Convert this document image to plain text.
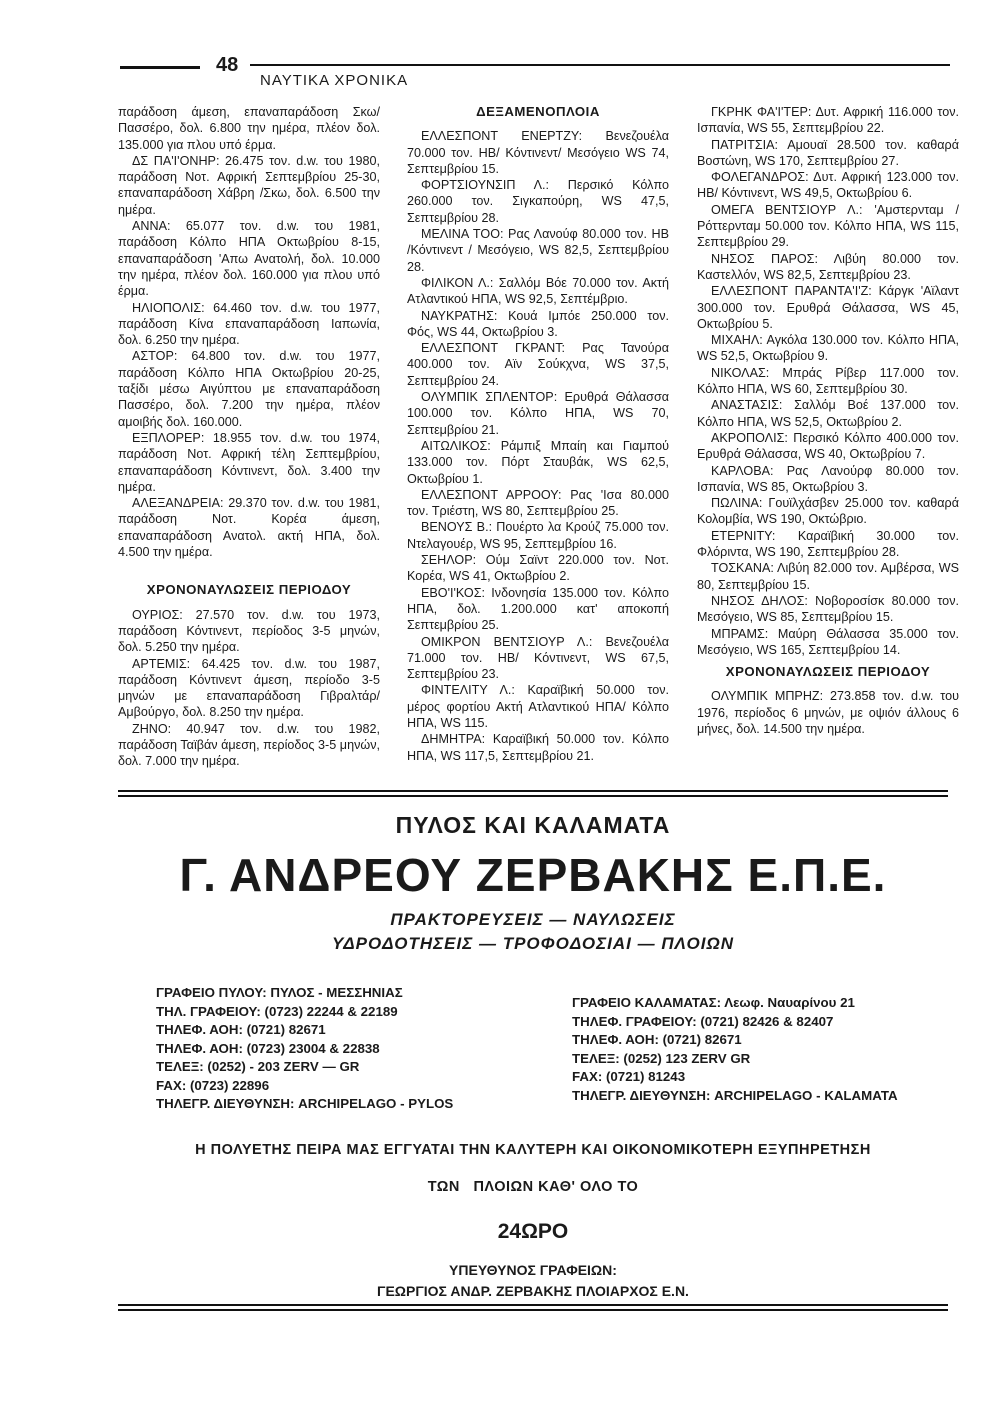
48
ΝΑΥΤΙΚΑ ΧΡΟΝΙΚΑ

παράδοση άμεση, επαναπαράδοση Σκω/ Πασσέρο, δολ. 6.800 την ημέρα, πλέον δολ. 135.000 για πλου υπό έρμα.

ΔΣ ΠΑ'Ι'ΟΝΗΡ: 26.475 τον. d.w. του 1980, παράδοση Νοτ. Αφρική Σεπτεμβρίου 25-30, επαναπαράδοση Χάβρη /Σκω, δολ. 6.500 την ημέρα.

ΑΝΝΑ: 65.077 τον. d.w. του 1981, παράδοση Κόλπο ΗΠΑ Οκτωβρίου 8-15, επαναπαράδοση 'Απω Ανατολή, δολ. 10.000 την ημέρα, πλέον δολ. 160.000 για πλου υπό έρμα.

ΗΛΙΟΠΟΛΙΣ: 64.460 τον. d.w. του 1977, παράδοση Κίνα επαναπαράδοση Ιαπωνία, δολ. 6.250 την ημέρα.

ΑΣΤΟΡ: 64.800 τον. d.w. του 1977, παράδοση Κόλπο ΗΠΑ Οκτωβρίου 20-25, ταξίδι μέσω Αιγύπτου με επαναπαράδοση Πασσέρο, δολ. 7.200 την ημέρα, πλέον αμοιβής δολ. 160.000.

ΕΞΠΛΟΡΕΡ: 18.955 τον. d.w. του 1974, παράδοση Νοτ. Αφρική τέλη Σεπτεμβρίου, επαναπαράδοση Κόντινεντ, δολ. 3.400 την ημέρα.

ΑΛΕΞΑΝΔΡΕΙΑ: 29.370 τον. d.w. του 1981, παράδοση Νοτ. Κορέα άμεση, επαναπαράδοση Ανατολ. ακτή ΗΠΑ, δολ. 4.500 την ημέρα.

ΧΡΟΝΟΝΑΥΛΩΣΕΙΣ ΠΕΡΙΟΔΟΥ

ΟΥΡΙΟΣ: 27.570 τον. d.w. του 1973, παράδοση Κόντινεντ, περίοδος 3-5 μηνών, δολ. 5.250 την ημέρα.

ΑΡΤΕΜΙΣ: 64.425 τον. d.w. του 1987, παράδοση Κόντινεντ άμεση, περίοδο 3-5 μηνών με επαναπαράδοση Γιβραλτάρ/ Αμβούργο, δολ. 8.250 την ημέρα.

ΖΗΝΟ: 40.947 τον. d.w. του 1982, παράδοση Ταϊβάν άμεση, περίοδος 3-5 μηνών, δολ. 7.000 την ημέρα.

ΔΕΞΑΜΕΝΟΠΛΟΙΑ

ΕΛΛΕΣΠΟΝΤ ΕΝΕΡΤΖΥ: Βενεζουέλα 70.000 τον. ΗΒ/ Κόντινεντ/ Μεσόγειο WS 74, Σεπτεμβρίου 15.

ΦΟΡΤΣΙΟΥΝΣΙΠ Λ.: Περσικό Κόλπο 260.000 τον. Σιγκαπούρη, WS 47,5, Σεπτεμβρίου 28.

ΜΕΛΙΝΑ ΤΟΟ: Ρας Λανούφ 80.000 τον. ΗΒ /Κόντινεντ / Μεσόγειο, WS 82,5, Σεπτεμβρίου 28.

ΦΙΛΙΚΟΝ Λ.: Σαλλόμ Βόε 70.000 τον. Ακτή Ατλαντικού ΗΠΑ, WS 92,5, Σεπτέμβριο.

ΝΑΥΚΡΑΤΗΣ: Κουά Ιμπόε 250.000 τον. Φός, WS 44, Οκτωβρίου 3.

ΕΛΛΕΣΠΟΝΤ ΓΚΡΑΝΤ: Ρας Τανούρα 400.000 τον. Αϊν Σούκχνα, WS 37,5, Σεπτεμβρίου 24.

ΟΛΥΜΠΙΚ ΣΠΛΕΝΤΟΡ: Ερυθρά Θάλασσα 100.000 τον. Κόλπο ΗΠΑ, WS 70, Σεπτεμβρίου 21.

ΑΙΤΩΛΙΚΟΣ: Ράμπιξ Μπαίη και Γιαμπού 133.000 τον. Πόρτ Σταυβάκ, WS 62,5, Οκτωβρίου 1.

ΕΛΛΕΣΠΟΝΤ ΑΡΡΟΟΥ: Ρας 'Ισα 80.000 τον. Τριέστη, WS 80, Σεπτεμβρίου 25.

ΒΕΝΟΥΣ Β.: Πουέρτο λα Κρούζ 75.000 τον. Ντελαγουέρ, WS 95, Σεπτεμβρίου 16.

ΣΕΗΛΟΡ: Ούμ Σαϊντ 220.000 τον. Νοτ. Κορέα, WS 41, Οκτωβρίου 2.

ΕΒΟ'Ι'ΚΟΣ: Ινδονησία 135.000 τον. Κόλπο ΗΠΑ, δολ. 1.200.000 κατ' αποκοπή Σεπτεμβρίου 25.

ΟΜΙΚΡΟΝ ΒΕΝΤΣΙΟΥΡ Λ.: Βενεζουέλα 71.000 τον. ΗΒ/ Κόντινεντ, WS 67,5, Σεπτεμβρίου 23.

ΦΙΝΤΕΛΙΤΥ Λ.: Καραϊβική 50.000 τον. μέρος φορτίου Ακτή Ατλαντικού ΗΠΑ/ Κόλπο ΗΠΑ, WS 115.

ΔΗΜΗΤΡΑ: Καραϊβική 50.000 τον. Κόλπο ΗΠΑ, WS 117,5, Σεπτεμβρίου 21.

ΓΚΡΗΚ ΦΑ'Ι'ΤΕΡ: Δυτ. Αφρική 116.000 τον. Ισπανία, WS 55, Σεπτεμβρίου 22.

ΠΑΤΡΙΤΣΙΑ: Αμουαϊ 28.500 τον. καθαρά Βοστώνη, WS 170, Σεπτεμβρίου 27.

ΦΟΛΕΓΑΝΔΡΟΣ: Δυτ. Αφρική 123.000 τον. ΗΒ/ Κόντινεντ, WS 49,5, Οκτωβρίου 6.

ΟΜΕΓΑ ΒΕΝΤΣΙΟΥΡ Λ.: 'Αμστερνταμ / Ρόττερνταμ 50.000 τον. Κόλπο ΗΠΑ, WS 115, Σεπτεμβρίου 29.

ΝΗΣΟΣ ΠΑΡΟΣ: Λιβύη 80.000 τον. Καστελλόν, WS 82,5, Σεπτεμβρίου 23.

ΕΛΛΕΣΠΟΝΤ ΠΑΡΑΝΤΑ'Ι'Ζ: Κάργκ 'Αϊλαντ 300.000 τον. Ερυθρά Θάλασσα, WS 45, Οκτωβρίου 5.

ΜΙΧΑΗΛ: Αγκόλα 130.000 τον. Κόλπο ΗΠΑ, WS 52,5, Οκτωβρίου 9.

ΝΙΚΟΛΑΣ: Μπράς Ρίβερ 117.000 τον. Κόλπο ΗΠΑ, WS 60, Σεπτεμβρίου 30.

ΑΝΑΣΤΑΣΙΣ: Σαλλόμ Βοέ 137.000 τον. Κόλπο ΗΠΑ, WS 52,5, Οκτωβρίου 2.

ΑΚΡΟΠΟΛΙΣ: Περσικό Κόλπο 400.000 τον. Ερυθρά Θάλασσα, WS 40, Οκτωβρίου 7.

ΚΑΡΛΟΒΑ: Ρας Λανούρφ 80.000 τον. Ισπανία, WS 85, Οκτωβρίου 3.

ΠΩΛΙΝΑ: Γουϊλχάσβεν 25.000 τον. καθαρά Κολομβία, WS 190, Οκτώβριο.

ΕΤΕΡΝΙΤΥ: Καραϊβική 30.000 τον. Φλόριντα, WS 190, Σεπτεμβρίου 28.

ΤΟΣΚΑΝΑ: Λιβύη 82.000 τον. Αμβέρσα, WS 80, Σεπτεμβρίου 15.

ΝΗΣΟΣ ΔΗΛΟΣ: Νοβοροσίσκ 80.000 τον. Μεσόγειο, WS 85, Σεπτεμβρίου 15.

ΜΠΡΑΜΣ: Μαύρη Θάλασσα 35.000 τον. Μεσόγειο, WS 165, Σεπτεμβρίου 14.

ΧΡΟΝΟΝΑΥΛΩΣΕΙΣ ΠΕΡΙΟΔΟΥ

ΟΛΥΜΠΙΚ ΜΠΡΗΖ: 273.858 τον. d.w. του 1976, περίοδος 6 μηνών, με οψιόν άλλους 6 μήνες, δολ. 14.500 την ημέρα.

ΠΥΛΟΣ ΚΑΙ ΚΑΛΑΜΑΤΑ
Γ. ΑΝΔΡΕΟΥ ΖΕΡΒΑΚΗΣ Ε.Π.Ε.
ΠΡΑΚΤΟΡΕΥΣΕΙΣ — ΝΑΥΛΩΣΕΙΣ
ΥΔΡΟΔΟΤΗΣΕΙΣ — ΤΡΟΦΟΔΟΣΙΑΙ — ΠΛΟΙΩΝ
ΓΡΑΦΕΙΟ ΠΥΛΟΥ: ΠΥΛΟΣ - ΜΕΣΣΗΝΙΑΣ
ΤΗΛ. ΓΡΑΦΕΙΟΥ: (0723) 22244 & 22189
ΤΗΛΕΦ. ΑΟΗ: (0721) 82671
ΤΗΛΕΦ. ΑΟΗ: (0723) 23004 & 22838
ΤΕΛΕΞ: (0252) - 203 ZERV — GR
FAX: (0723) 22896
ΤΗΛΕΓΡ. ΔΙΕΥΘΥΝΣΗ: ARCHIPELAGO - PYLOS
ΓΡΑΦΕΙΟ ΚΑΛΑΜΑΤΑΣ: Λεωφ. Ναυαρίνου 21
ΤΗΛΕΦ. ΓΡΑΦΕΙΟΥ: (0721) 82426 & 82407
ΤΗΛΕΦ. ΑΟΗ: (0721) 82671
ΤΕΛΕΞ: (0252) 123 ZERV GR
FAX: (0721) 81243
ΤΗΛΕΓΡ. ΔΙΕΥΘΥΝΣΗ: ARCHIPELAGO - KALAMATA
Η ΠΟΛΥΕΤΗΣ ΠΕΙΡΑ ΜΑΣ ΕΓΓΥΑΤΑΙ ΤΗΝ ΚΑΛΥΤΕΡΗ ΚΑΙ ΟΙΚΟΝΟΜΙΚΟΤΕΡΗ ΕΞΥΠΗΡΕΤΗΣΗ
ΤΩΝ   ΠΛΟΙΩΝ ΚΑΘ' ΟΛΟ ΤΟ
24ΩΡΟ
ΥΠΕΥΘΥΝΟΣ ΓΡΑΦΕΙΩΝ:
ΓΕΩΡΓΙΟΣ ΑΝΔΡ. ΖΕΡΒΑΚΗΣ ΠΛΟΙΑΡΧΟΣ Ε.Ν.
